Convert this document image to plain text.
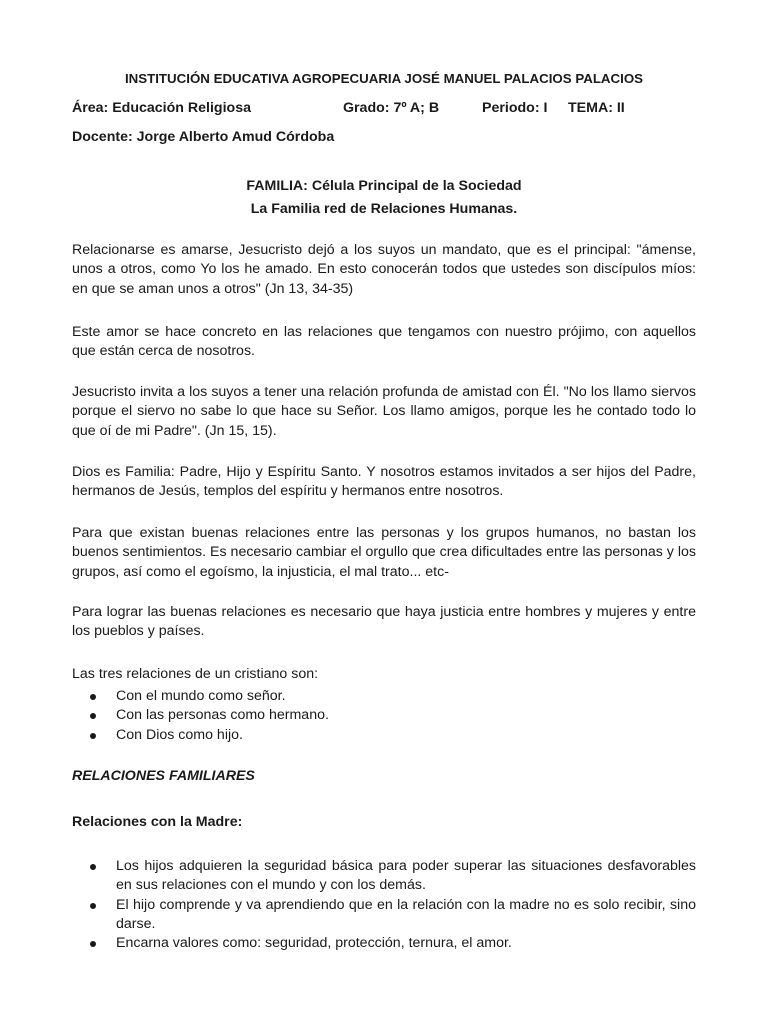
INSTITUCIÓN EDUCATIVA AGROPECUARIA JOSÉ MANUEL PALACIOS PALACIOS
Área: Educación Religiosa	Grado: 7º A; B	Periodo: I TEMA: II
Docente: Jorge Alberto Amud Córdoba
FAMILIA: Célula Principal de la Sociedad
La Familia red de Relaciones Humanas.
Relacionarse es amarse, Jesucristo dejó a los suyos un mandato, que es el principal: "ámense, unos a otros, como Yo los he amado. En esto conocerán todos que ustedes son discípulos míos: en que se aman unos a otros" (Jn 13, 34-35)
Este amor se hace concreto en las relaciones que tengamos con nuestro prójimo, con aquellos que están cerca de nosotros.
Jesucristo invita a los suyos a tener una relación profunda de amistad con Él. "No los llamo siervos porque el siervo no sabe lo que hace su Señor. Los llamo amigos, porque les he contado todo lo que oí de mi Padre". (Jn 15, 15).
Dios es Familia: Padre, Hijo y Espíritu Santo. Y nosotros estamos invitados a ser hijos del Padre, hermanos de Jesús, templos del espíritu y hermanos entre nosotros.
Para que existan buenas relaciones entre las personas y los grupos humanos, no bastan los buenos sentimientos. Es necesario cambiar el orgullo que crea dificultades entre las personas y los grupos, así como el egoísmo, la injusticia, el mal trato... etc-
Para lograr las buenas relaciones es necesario que haya justicia entre hombres y mujeres y entre los pueblos y países.
Las tres relaciones de un cristiano son:
Con el mundo como señor.
Con las personas como hermano.
Con Dios como hijo.
RELACIONES FAMILIARES
Relaciones con la Madre:
Los hijos adquieren la seguridad básica para poder superar las situaciones desfavorables en sus relaciones con el mundo y con los demás.
El hijo comprende y va aprendiendo que en la relación con la madre no es solo recibir, sino darse.
Encarna valores como: seguridad, protección, ternura, el amor.
